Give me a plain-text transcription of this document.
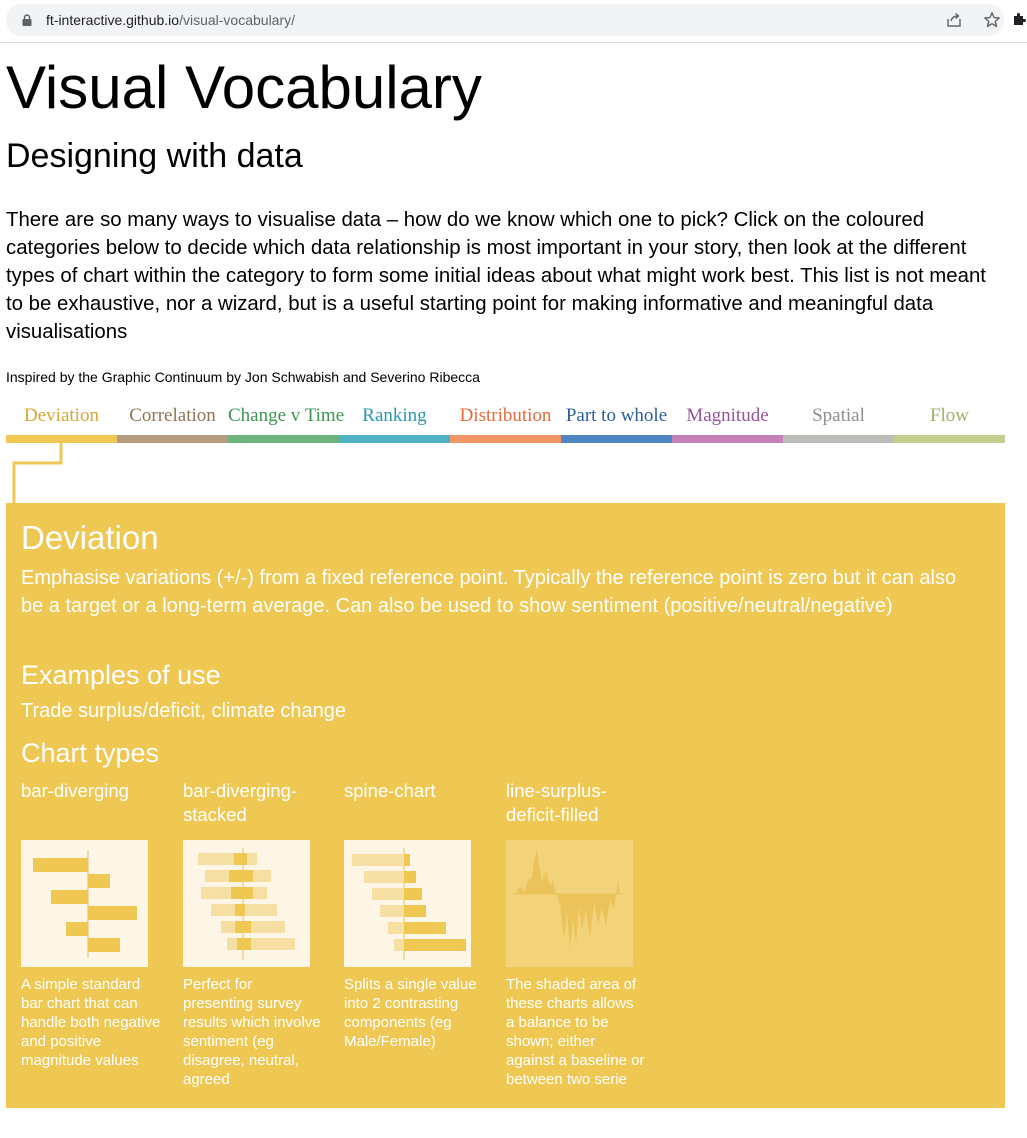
ft-interactive.github.io/visual-vocabulary/
Visual Vocabulary
Designing with data

There are so many ways to visualise data – how do we know which one to pick? Click on the coloured categories below to decide which data relationship is most important in your story, then look at the different types of chart within the category to form some initial ideas about what might work best. This list is not meant to be exhaustive, nor a wizard, but is a useful starting point for making informative and meaningful data visualisations

Inspired by the Graphic Continuum by Jon Schwabish and Severino Ribecca

Deviation	Correlation Change v Time Ranking	Distribution Part to whole	Magnitude	Spatial	Flow
Deviation

Emphasise variations (+/-) from a fixed reference point. Typically the reference point is zero but it can also be a target or a long-term average. Can also be used to show sentiment (positive/neutral/negative)

Examples of use

Trade surplus/deficit, climate change

Chart types

bar-diverging

A simple standard bar chart that can handle both negative and positive magnitude values

bar-diverging-stacked

Perfect for presenting survey results which involve sentiment (eg disagree, neutral, agreed

spine-chart

Splits a single value into 2 contrasting components (eg Male/Female)

line-surplus-deficit-filled

The shaded area of these charts allows a balance to be shown; either against a baseline or between two serie
